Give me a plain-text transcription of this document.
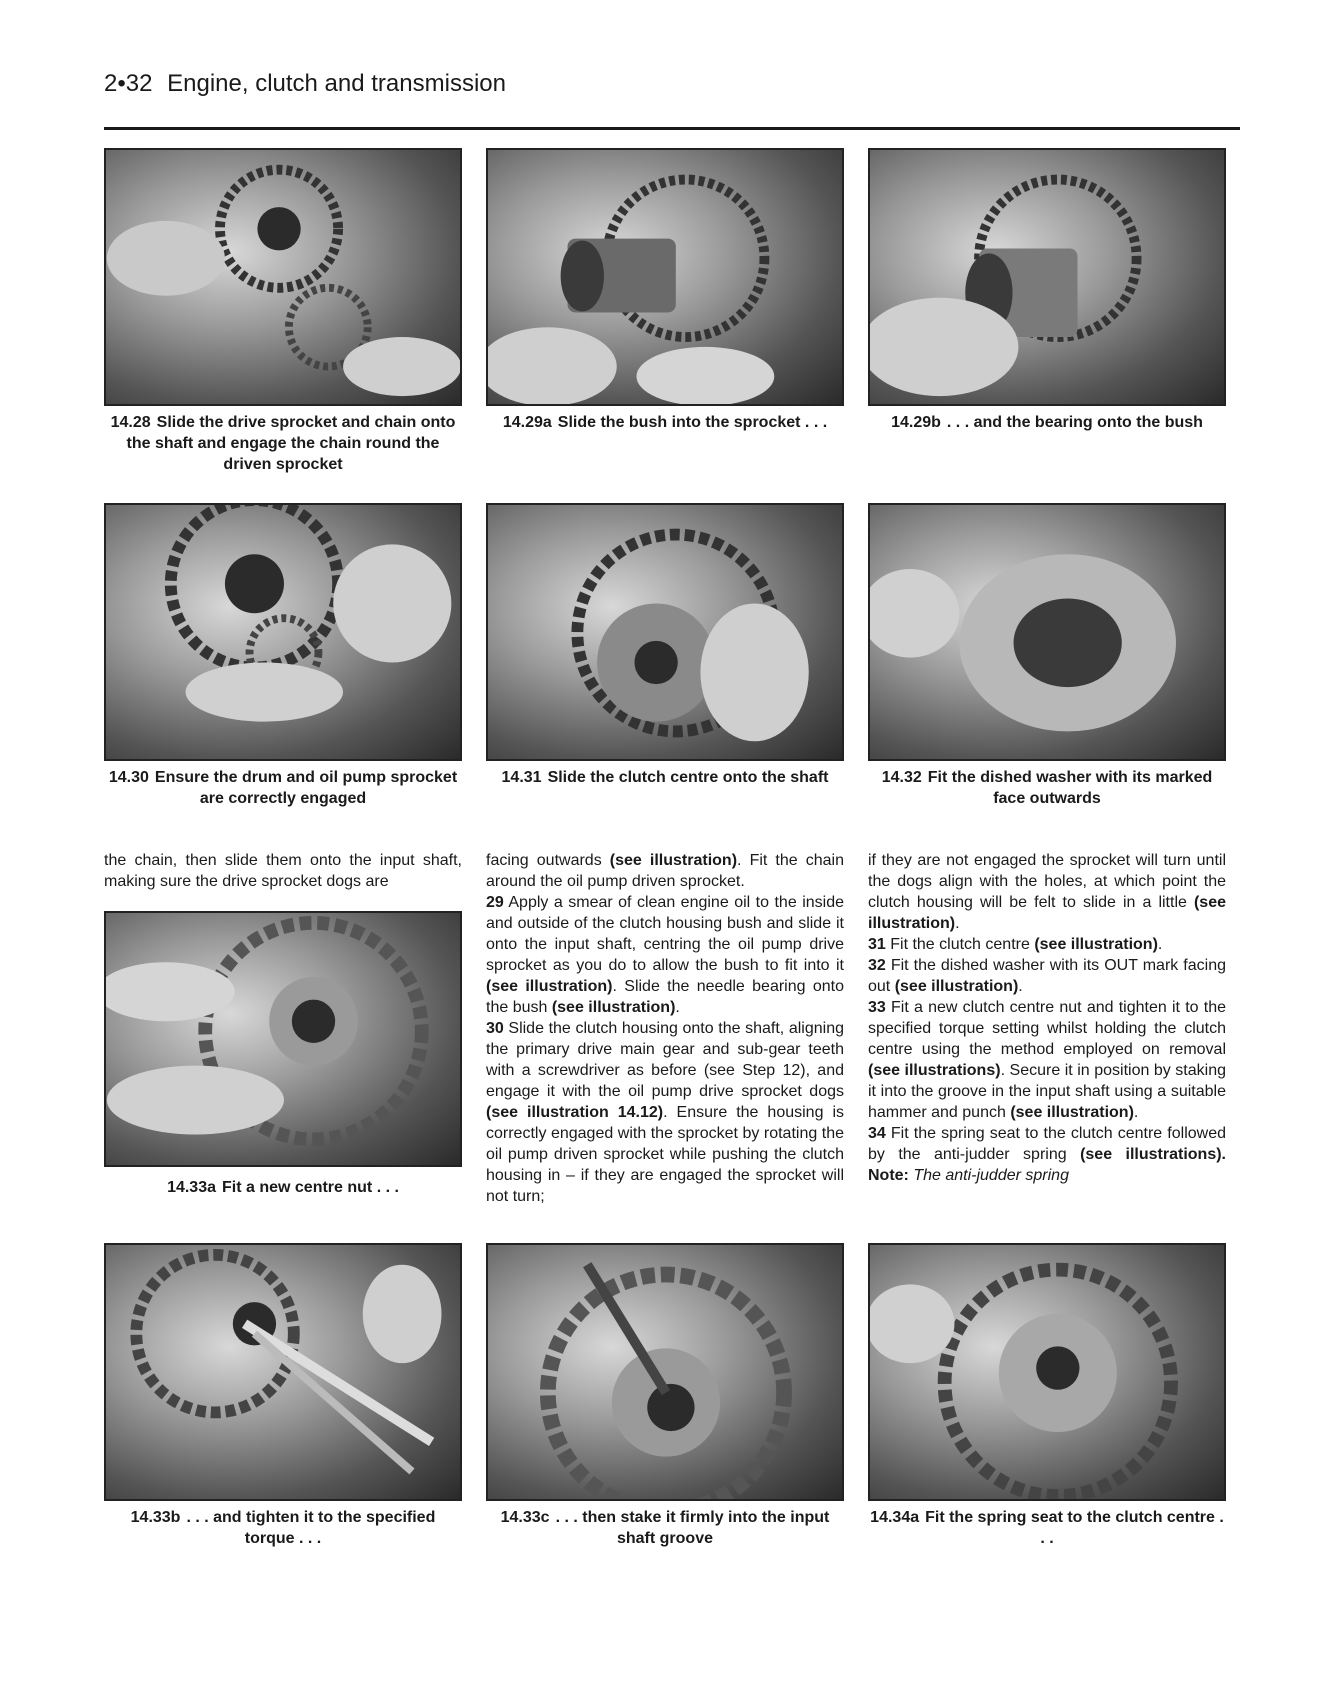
2•32 Engine, clutch and transmission
14.28 Slide the drive sprocket and chain onto the shaft and engage the chain round the driven sprocket
14.29a Slide the bush into the sprocket . . .	14.29b . . . and the bearing onto the bush
14.30 Ensure the drum and oil pump sprocket are correctly engaged
14.31 Slide the clutch centre onto the shaft	14.32 Fit the dished washer with its marked face outwards

the chain, then slide them onto the input shaft, making sure the drive sprocket dogs are

14.33a Fit a new centre nut . . .

facing outwards (see illustration). Fit the chain around the oil pump driven sprocket.

29 Apply a smear of clean engine oil to the inside and outside of the clutch housing bush and slide it onto the input shaft, centring the oil pump drive sprocket as you do to allow the bush to fit into it (see illustration). Slide the needle bearing onto the bush (see illustration).

30 Slide the clutch housing onto the shaft, aligning the primary drive main gear and sub-gear teeth with a screwdriver as before (see Step 12), and engage it with the oil pump drive sprocket dogs (see illustration 14.12). Ensure the housing is correctly engaged with the sprocket by rotating the oil pump driven sprocket while pushing the clutch housing in – if they are engaged the sprocket will not turn;

if they are not engaged the sprocket will turn until the dogs align with the holes, at which point the clutch housing will be felt to slide in a little (see illustration).

31 Fit the clutch centre (see illustration).

32 Fit the dished washer with its OUT mark facing out (see illustration).

33 Fit a new clutch centre nut and tighten it to the specified torque setting whilst holding the clutch centre using the method employed on removal (see illustrations). Secure it in position by staking it into the groove in the input shaft using a suitable hammer and punch (see illustration).

34 Fit the spring seat to the clutch centre followed by the anti-judder spring (see illustrations). Note: The anti-judder spring

14.33b . . . and tighten it to the specified torque . . .
14.33c . . . then stake it firmly into the input shaft groove
14.34a Fit the spring seat to the clutch centre . . .
